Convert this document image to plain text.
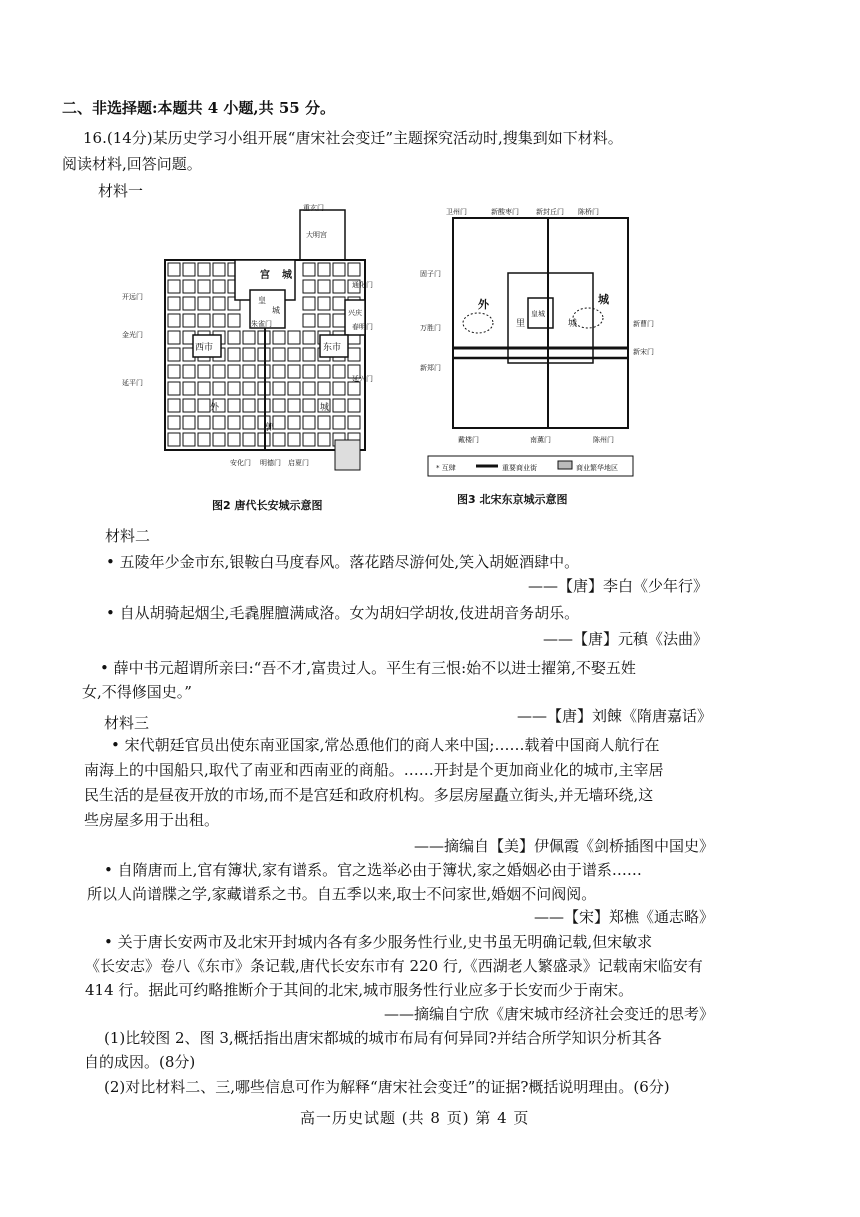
二、非选择题:本题共 4 小题,共 55 分。
16.(14分)某历史学习小组开展“唐宋社会变迁”主题探究活动时,搜集到如下材料。
阅读材料,回答问题。
材料一
宫 城
皇
城
朱雀门
西市	东市
兴庆
外	城
郭
重玄门
大明宫
开远门
金光门
延平门
通化门
春明门
延兴门
安化门 明德门 启夏门
图2 唐代长安城示意图
外	城
里	城
皇城
卫州门	新酸枣门 新封丘门 陈桥门
固子门
万胜门
新郑门
新曹门
新宋门
戴楼门	南薰门	陈州门
* 互肆	重要商业街	商业繁华地区
图3 北宋东京城示意图
材料二
• 五陵年少金市东,银鞍白马度春风。落花踏尽游何处,笑入胡姬酒肆中。
——【唐】李白《少年行》
• 自从胡骑起烟尘,毛毳腥膻满咸洛。女为胡妇学胡妆,伎进胡音务胡乐。
——【唐】元稹《法曲》
• 薛中书元超谓所亲曰:“吾不才,富贵过人。平生有三恨:始不以进士擢第,不娶五姓
女,不得修国史。”
——【唐】刘餗《隋唐嘉话》
材料三
• 宋代朝廷官员出使东南亚国家,常怂恿他们的商人来中国;……载着中国商人航行在
南海上的中国船只,取代了南亚和西南亚的商船。……开封是个更加商业化的城市,主宰居
民生活的是昼夜开放的市场,而不是宫廷和政府机构。多层房屋矗立街头,并无墙环绕,这
些房屋多用于出租。
——摘编自【美】伊佩霞《剑桥插图中国史》
• 自隋唐而上,官有簿状,家有谱系。官之选举必由于簿状,家之婚姻必由于谱系……
所以人尚谱牒之学,家藏谱系之书。自五季以来,取士不问家世,婚姻不问阀阅。
——【宋】郑樵《通志略》
• 关于唐长安两市及北宋开封城内各有多少服务性行业,史书虽无明确记载,但宋敏求
《长安志》卷八《东市》条记载,唐代长安东市有 220 行,《西湖老人繁盛录》记载南宋临安有
414 行。据此可约略推断介于其间的北宋,城市服务性行业应多于长安而少于南宋。
——摘编自宁欣《唐宋城市经济社会变迁的思考》
(1)比较图 2、图 3,概括指出唐宋都城的城市布局有何异同?并结合所学知识分析其各
自的成因。(8分)
(2)对比材料二、三,哪些信息可作为解释“唐宋社会变迁”的证据?概括说明理由。(6分)
高一历史试题 (共 8 页) 第 4 页
